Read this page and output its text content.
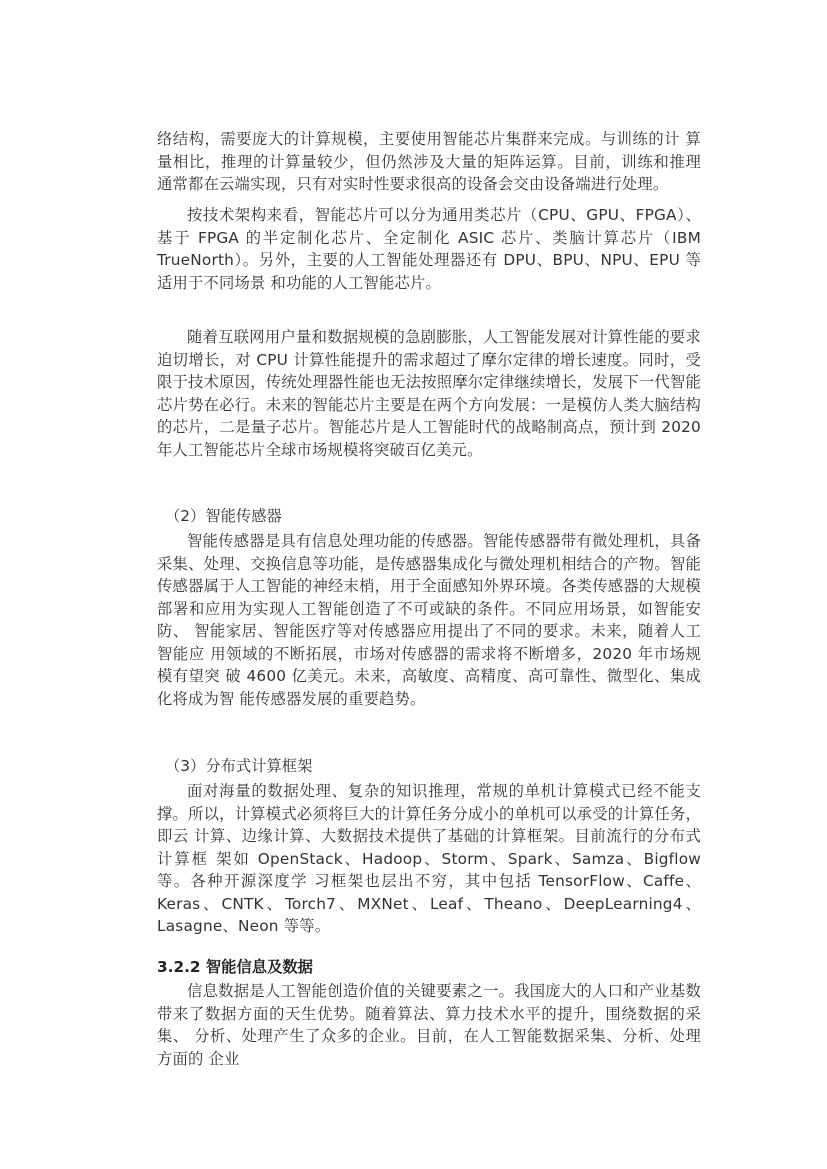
络结构，需要庞大的计算规模，主要使用智能芯片集群来完成。与训练的计 算量相比，推理的计算量较少，但仍然涉及大量的矩阵运算。目前，训练和推理 通常都在云端实现，只有对实时性要求很高的设备会交由设备端进行处理。

按技术架构来看，智能芯片可以分为通用类芯片（CPU、GPU、FPGA）、基于 FPGA 的半定制化芯片、全定制化 ASIC 芯片、类脑计算芯片（IBM TrueNorth）。另外，主要的人工智能处理器还有 DPU、BPU、NPU、EPU 等适用于不同场景 和功能的人工智能芯片。

随着互联网用户量和数据规模的急剧膨胀，人工智能发展对计算性能的要求 迫切增长，对 CPU 计算性能提升的需求超过了摩尔定律的增长速度。同时，受 限于技术原因，传统处理器性能也无法按照摩尔定律继续增长，发展下一代智能 芯片势在必行。未来的智能芯片主要是在两个方向发展：一是模仿人类大脑结构 的芯片，二是量子芯片。智能芯片是人工智能时代的战略制高点，预计到 2020 年人工智能芯片全球市场规模将突破百亿美元。

（2）智能传感器

智能传感器是具有信息处理功能的传感器。智能传感器带有微处理机，具备 采集、处理、交换信息等功能，是传感器集成化与微处理机相结合的产物。智能 传感器属于人工智能的神经末梢，用于全面感知外界环境。各类传感器的大规模 部署和应用为实现人工智能创造了不可或缺的条件。不同应用场景，如智能安防、 智能家居、智能医疗等对传感器应用提出了不同的要求。未来，随着人工智能应 用领域的不断拓展，市场对传感器的需求将不断增多，2020 年市场规模有望突 破 4600 亿美元。未来，高敏度、高精度、高可靠性、微型化、集成化将成为智 能传感器发展的重要趋势。

（3）分布式计算框架

面对海量的数据处理、复杂的知识推理，常规的单机计算模式已经不能支撑。所以，计算模式必须将巨大的计算任务分成小的单机可以承受的计算任务，即云 计算、边缘计算、大数据技术提供了基础的计算框架。目前流行的分布式计算框 架如 OpenStack、Hadoop、Storm、Spark、Samza、Bigflow 等。各种开源深度学 习框架也层出不穷，其中包括 TensorFlow、Caffe、Keras、CNTK、Torch7、MXNet、Leaf、Theano、DeepLearning4、Lasagne、Neon 等等。

3.2.2 智能信息及数据

信息数据是人工智能创造价值的关键要素之一。我国庞大的人口和产业基数 带来了数据方面的天生优势。随着算法、算力技术水平的提升，围绕数据的采集、 分析、处理产生了众多的企业。目前，在人工智能数据采集、分析、处理方面的 企业
